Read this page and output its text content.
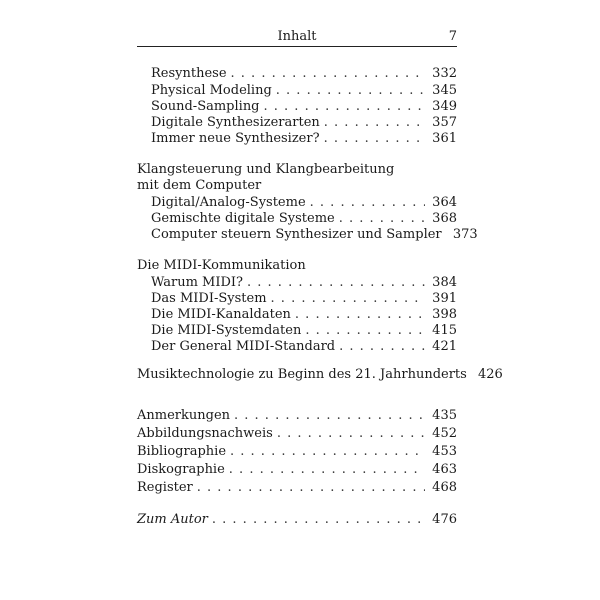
Inhalt	7
Resynthese . . .	332
Physical Modeling . . .	345
Sound-Sampling . . .	349
Digitale Synthesizerarten . . .	357
Immer neue Synthesizer? . . .	361
Klangsteuerung und Klangbearbeitung
mit dem Computer
Digital/Analog-Systeme . . .	364
Gemischte digitale Systeme . . .	368
Computer steuern Synthesizer und Sampler 373
Die MIDI-Kommunikation
Warum MIDI? . . .	384
Das MIDI-System . . .	391
Die MIDI-Kanaldaten . . .	398
Die MIDI-Systemdaten . . .	415
Der General MIDI-Standard . . .	421
Musiktechnologie zu Beginn des 21. Jahrhunderts 426
Anmerkungen . . .	435
Abbildungsnachweis . . .	452
Bibliographie . . .	453
Diskographie . . .	463
Register . . .	468
Zum Autor . . .	476
